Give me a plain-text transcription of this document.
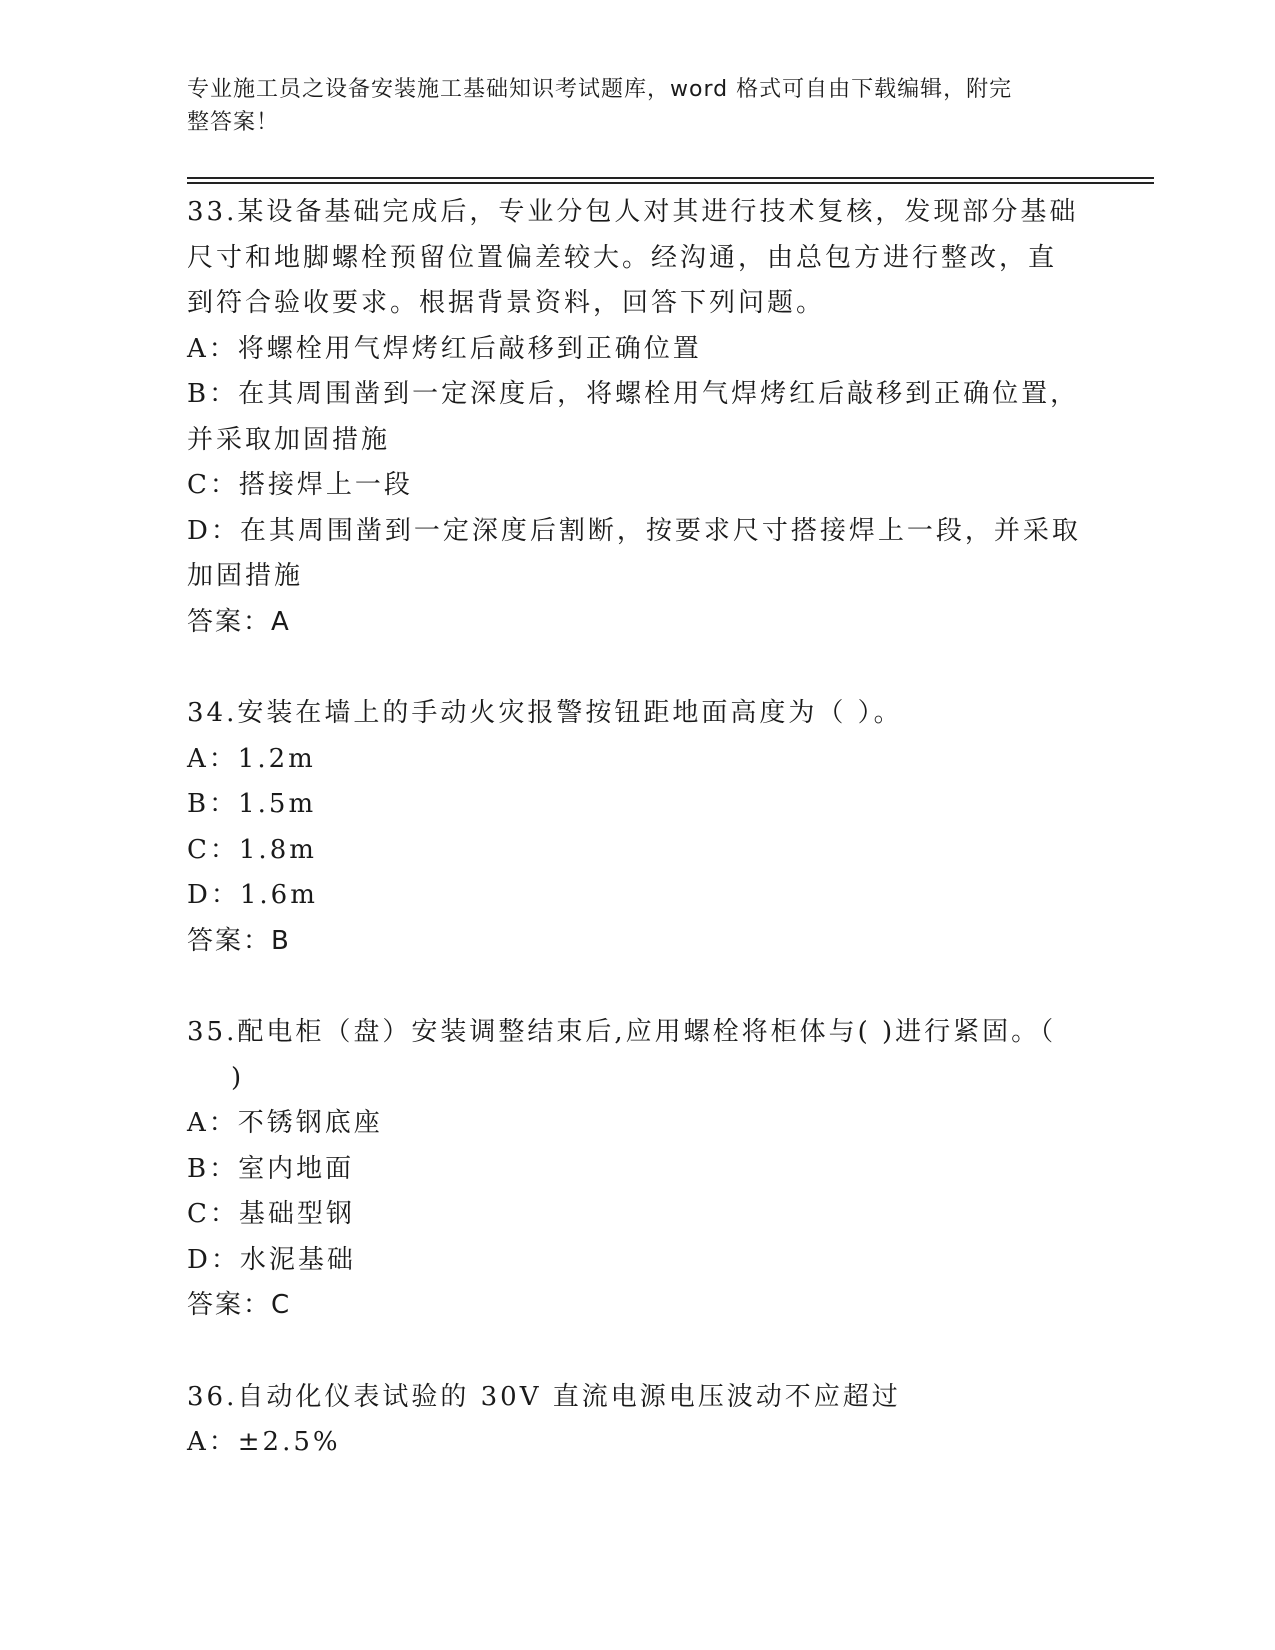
专业施工员之设备安装施工基础知识考试题库，word 格式可自由下载编辑，附完
整答案！

33.某设备基础完成后，专业分包人对其进行技术复核，发现部分基础

尺寸和地脚螺栓预留位置偏差较大。经沟通，由总包方进行整改，直

到符合验收要求。根据背景资料，回答下列问题。

A：将螺栓用气焊烤红后敲移到正确位置

B：在其周围凿到一定深度后，将螺栓用气焊烤红后敲移到正确位置，

并采取加固措施

C：搭接焊上一段

D：在其周围凿到一定深度后割断，按要求尺寸搭接焊上一段，并采取

加固措施

答案：A

34.安装在墙上的手动火灾报警按钮距地面高度为（ ）。

A：1.2m

B：1.5m

C：1.8m

D：1.6m

答案：B

35.配电柜（盘）安装调整结束后,应用螺栓将柜体与( )进行紧固。（

)

A：不锈钢底座

B：室内地面

C：基础型钢

D：水泥基础

答案：C

36.自动化仪表试验的 30V 直流电源电压波动不应超过

A：±2.5%
